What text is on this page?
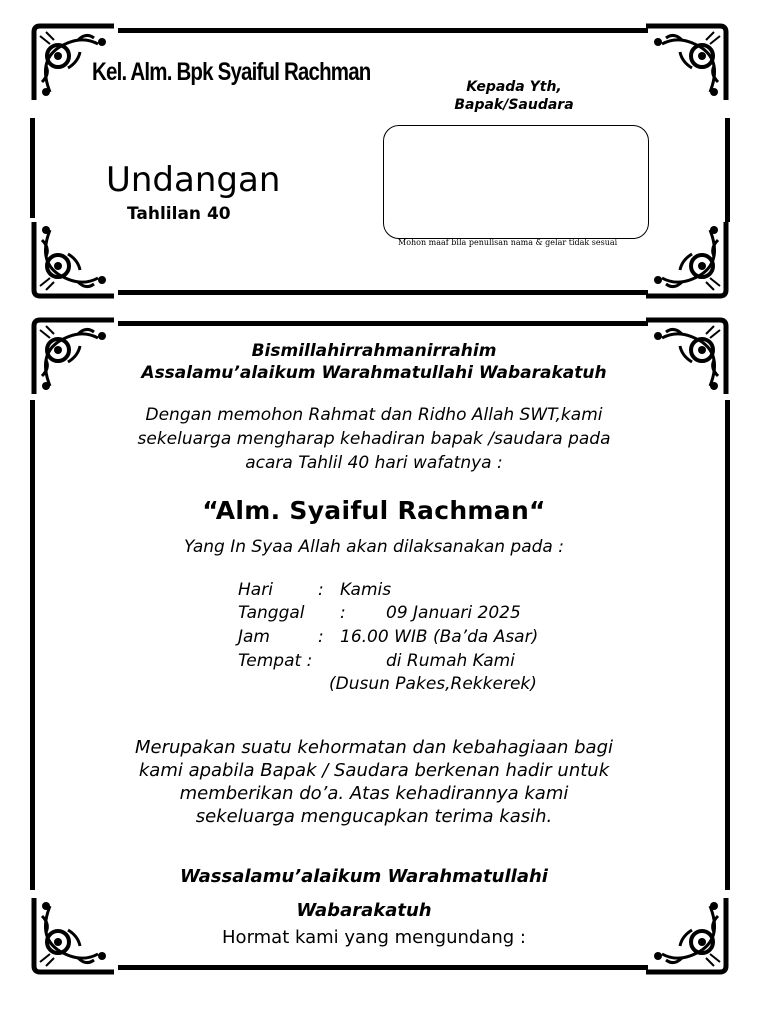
Kel. Alm. Bpk Syaiful Rachman
Kepada Yth,
Bapak/Saudara
Mohon maaf bila penulisan nama & gelar tidak sesuai
Undangan
Tahlilan 40
Bismillahirrahmanirrahim
Assalamu’alaikum Warahmatullahi Wabarakatuh
Dengan memohon Rahmat dan Ridho Allah SWT,kami
sekeluarga mengharap kehadiran bapak /saudara pada
acara Tahlil 40 hari wafatnya :
“Alm. Syaiful Rachman“
Yang In Syaa Allah akan dilaksanakan pada :
Hari	: Kamis
Tanggal : 09 Januari 2025
Jam	: 16.00 WIB (Ba’da Asar)
Tempat :	di Rumah Kami
(Dusun Pakes,Rekkerek)
Merupakan suatu kehormatan dan kebahagiaan bagi
kami apabila Bapak / Saudara berkenan hadir untuk
memberikan do’a. Atas kehadirannya kami
sekeluarga mengucapkan terima kasih.
Wassalamu’alaikum Warahmatullahi
Wabarakatuh
Hormat kami yang mengundang :
